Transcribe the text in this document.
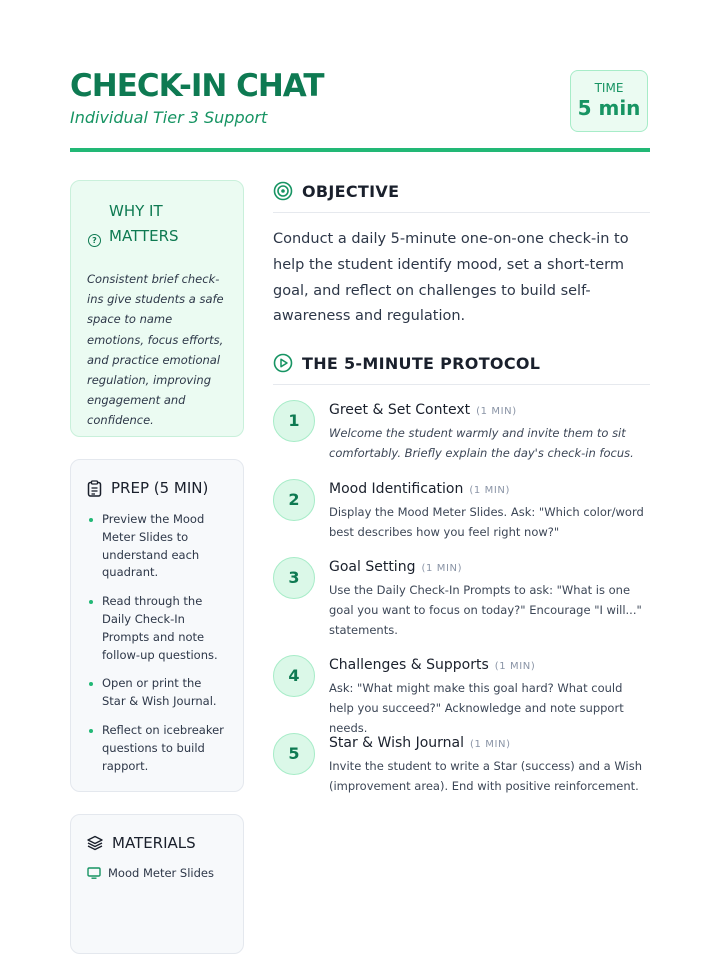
CHECK-IN CHAT
Individual Tier 3 Support
TIME
5 min
?
WHY IT MATTERS
Consistent brief check-ins give students a safe space to name emotions, focus efforts, and practice emotional regulation, improving engagement and confidence.
PREP (5 MIN)
Preview the Mood Meter Slides to understand each quadrant.
Read through the Daily Check-In Prompts and note follow-up questions.
Open or print the Star & Wish Journal.
Reflect on icebreaker questions to build rapport.
MATERIALS
Mood Meter Slides
OBJECTIVE
Conduct a daily 5-minute one-on-one check-in to help the student identify mood, set a short-term goal, and reflect on challenges to build self-awareness and regulation.
THE 5-MINUTE PROTOCOL
1
Greet & Set Context (1 MIN)
Welcome the student warmly and invite them to sit comfortably. Briefly explain the day's check-in focus.
2
Mood Identification (1 MIN)
Display the Mood Meter Slides. Ask: "Which color/word best describes how you feel right now?"
3
Goal Setting (1 MIN)
Use the Daily Check-In Prompts to ask: "What is one goal you want to focus on today?" Encourage "I will..." statements.
4
Challenges & Supports (1 MIN)
Ask: "What might make this goal hard? What could help you succeed?" Acknowledge and note support needs.
5
Star & Wish Journal (1 MIN)
Invite the student to write a Star (success) and a Wish (improvement area). End with positive reinforcement.
